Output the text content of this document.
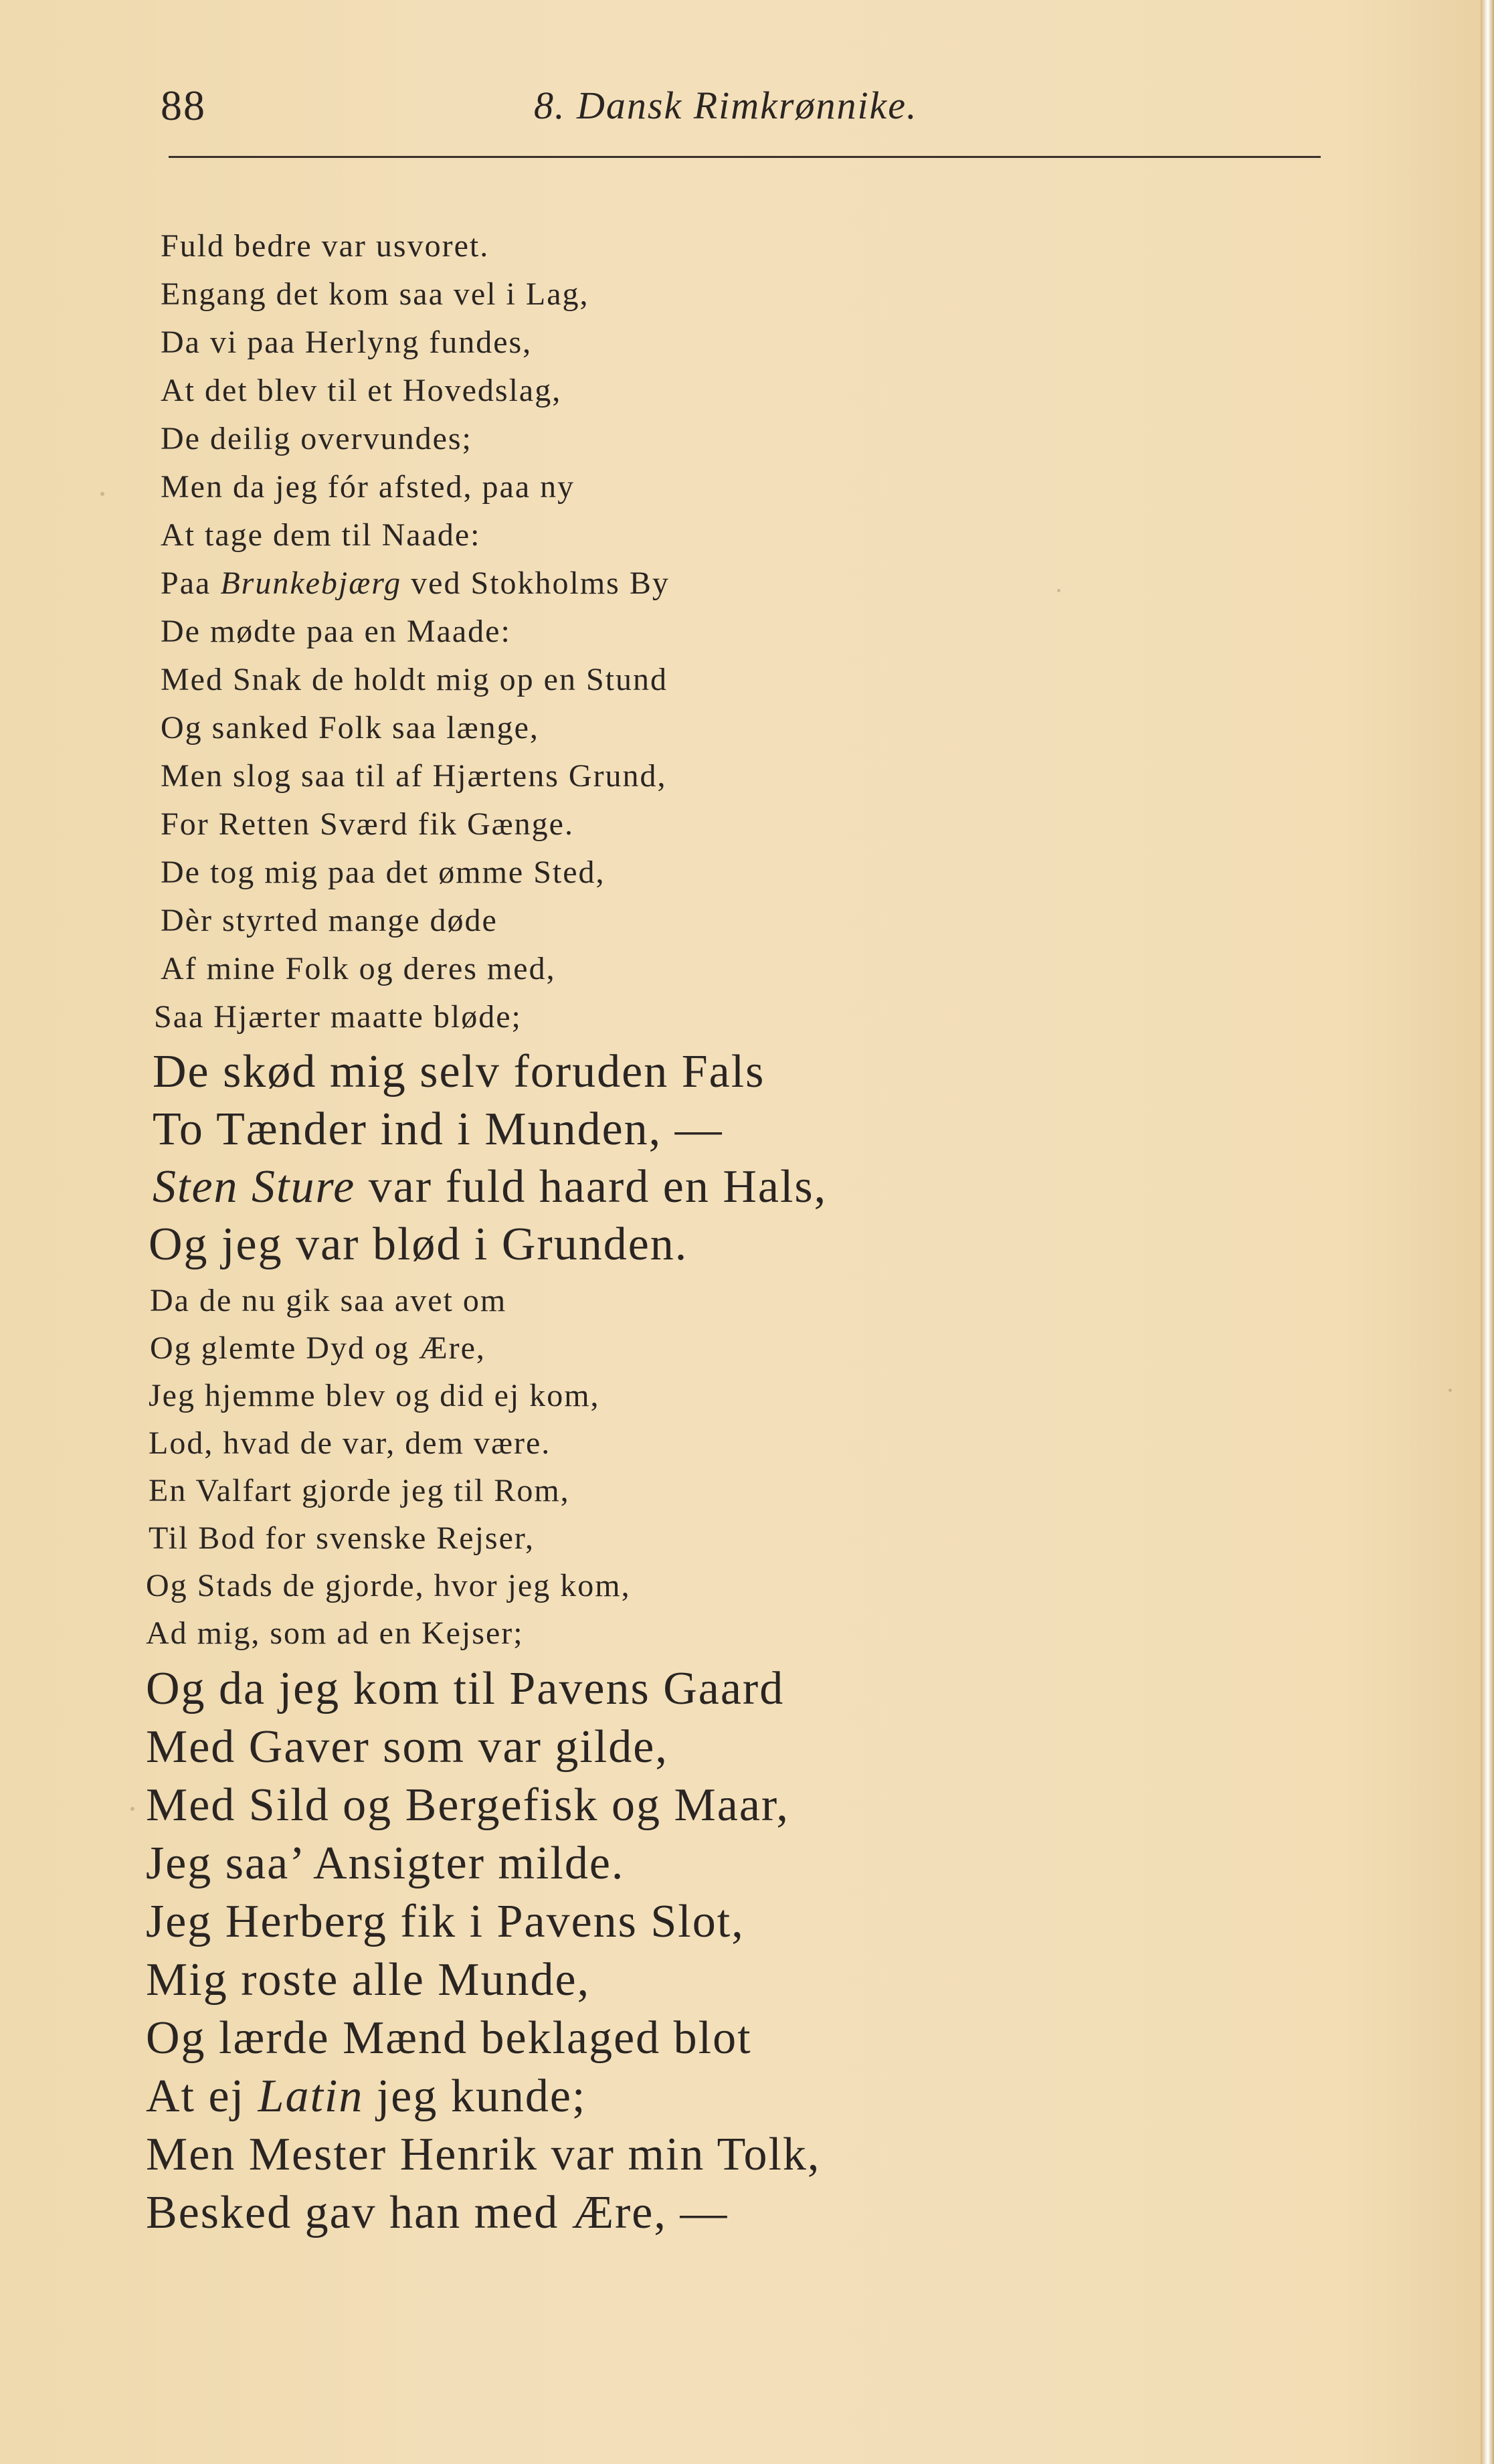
88	8. Dansk Rimkrønnike.
Fuld bedre var usvoret.
Engang det kom saa vel i Lag,
Da vi paa Herlyng fundes,
At det blev til et Hovedslag,
De deilig overvundes;
Men da jeg fór afsted, paa ny
At tage dem til Naade:
Paa Brunkebjærg ved Stokholms By
De mødte paa en Maade:
Med Snak de holdt mig op en Stund
Og sanked Folk saa længe,
Men slog saa til af Hjærtens Grund,
For Retten Sværd fik Gænge.
De tog mig paa det ømme Sted,
Dèr styrted mange døde
Af mine Folk og deres med,
Saa Hjærter maatte bløde;
De skød mig selv foruden Fals
To Tænder ind i Munden, —
Sten Sture var fuld haard en Hals,
Og jeg var blød i Grunden.
Da de nu gik saa avet om
Og glemte Dyd og Ære,
Jeg hjemme blev og did ej kom,
Lod, hvad de var, dem være.
En Valfart gjorde jeg til Rom,
Til Bod for svenske Rejser,
Og Stads de gjorde, hvor jeg kom,
Ad mig, som ad en Kejser;
Og da jeg kom til Pavens Gaard
Med Gaver som var gilde,
Med Sild og Bergefisk og Maar,
Jeg saa’ Ansigter milde.
Jeg Herberg fik i Pavens Slot,
Mig roste alle Munde,
Og lærde Mænd beklaged blot
At ej Latin jeg kunde;
Men Mester Henrik var min Tolk,
Besked gav han med Ære, —
